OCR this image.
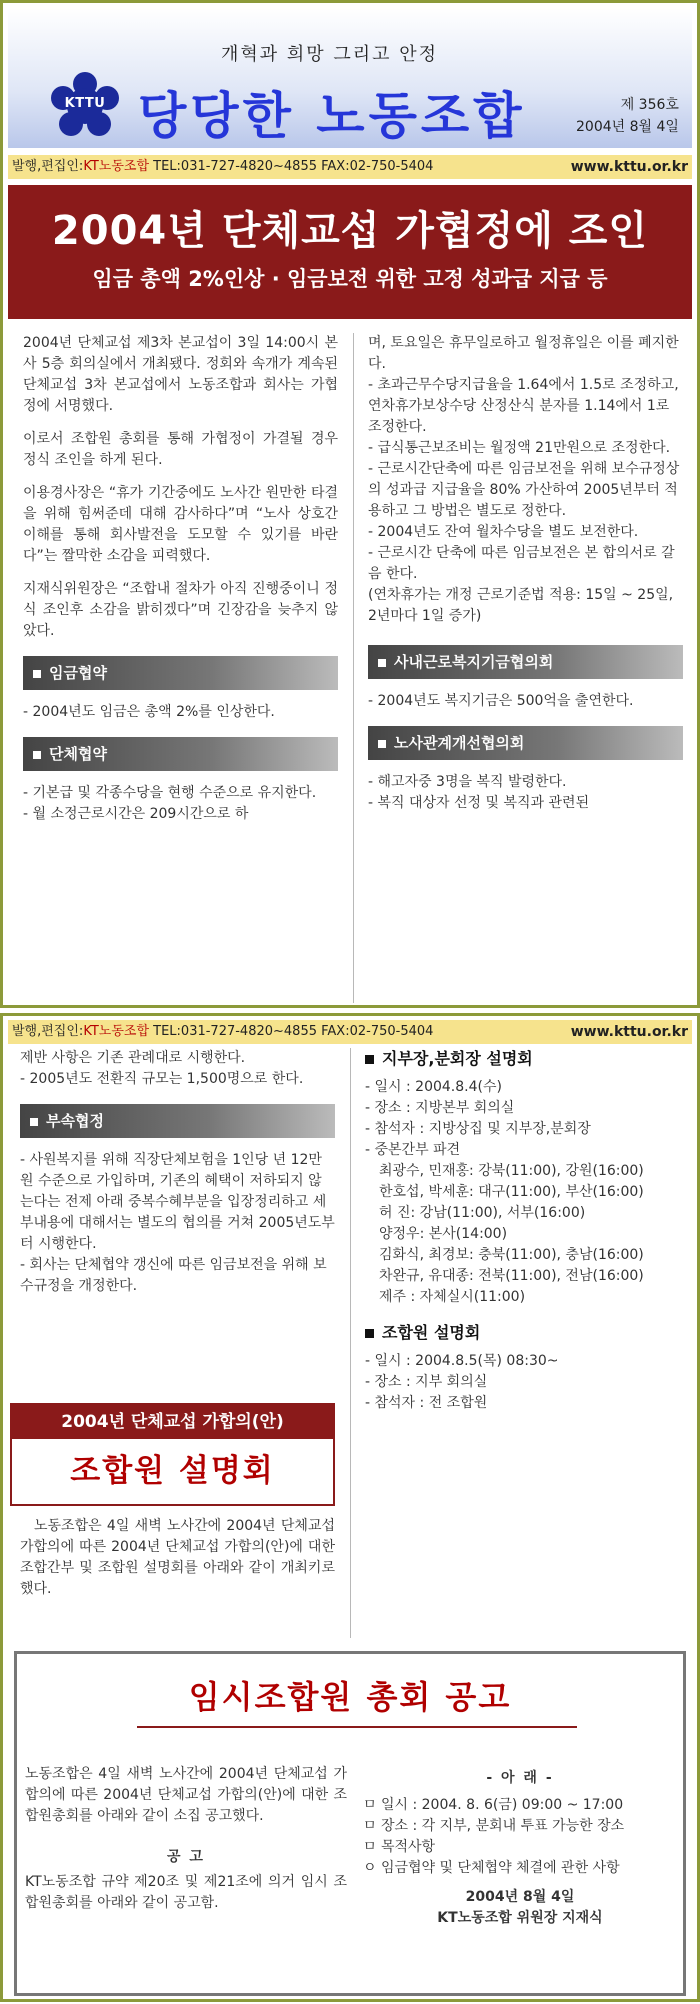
개혁과 희망 그리고 안정
KTTU 당당한 노동조합	제 356호
2004년 8월 4일
발행,편집인:KT노동조합 TEL:031-727-4820~4855 FAX:02-750-5404	www.kttu.or.kr
2004년 단체교섭 가협정에 조인
임금 총액 2%인상 · 임금보전 위한 고정 성과급 지급 등

2004년 단체교섭 제3차 본교섭이 3일 14:00시 본사 5층 회의실에서 개최됐다. 정회와 속개가 계속된 단체교섭 3차 본교섭에서 노동조합과 회사는 가협정에 서명했다.

이로서 조합원 총회를 통해 가협정이 가결될 경우 정식 조인을 하게 된다.

이용경사장은 “휴가 기간중에도 노사간 원만한 타결을 위해 힘써준데 대해 감사하다”며 “노사 상호간 이해를 통해 회사발전을 도모할 수 있기를 바란다”는 짤막한 소감을 피력했다.

지재식위원장은 “조합내 절차가 아직 진행중이니 정식 조인후 소감을 밝히겠다”며 긴장감을 늦추지 않았다.

임금협약
- 2004년도 임금은 총액 2%를 인상한다.
단체협약
- 기본급 및 각종수당을 현행 수준으로 유지한다.
- 월 소정근로시간은 209시간으로 하
며, 토요일은 휴무일로하고 월정휴일은 이를 폐지한다.
- 초과근무수당지급율을 1.64에서 1.5로 조정하고, 연차휴가보상수당 산정산식 분자를 1.14에서 1로 조정한다.
- 급식통근보조비는 월정액 21만원으로 조정한다.
- 근로시간단축에 따른 임금보전을 위해 보수규정상의 성과급 지급율을 80% 가산하여 2005년부터 적용하고 그 방법은 별도로 정한다.
- 2004년도 잔여 월차수당을 별도 보전한다.
- 근로시간 단축에 따른 임금보전은 본 합의서로 갈음 한다.
(연차휴가는 개정 근로기준법 적용: 15일 ~ 25일, 2년마다 1일 증가)
사내근로복지기금협의회
- 2004년도 복지기금은 500억을 출연한다.
노사관계개선협의회
- 해고자중 3명을 복직 발령한다.
- 복직 대상자 선정 및 복직과 관련된
발행,편집인:KT노동조합 TEL:031-727-4820~4855 FAX:02-750-5404	www.kttu.or.kr
제반 사항은 기존 관례대로 시행한다.
- 2005년도 전환직 규모는 1,500명으로 한다.
부속협정
- 사원복지를 위해 직장단체보험을 1인당 년 12만원 수준으로 가입하며, 기존의 혜택이 저하되지 않는다는 전제 아래 중복수혜부분을 입장정리하고 세부내용에 대해서는 별도의 협의를 거쳐 2005년도부터 시행한다.
- 회사는 단체협약 갱신에 따른 임금보전을 위해 보수규정을 개정한다.
2004년 단체교섭 가합의(안)
조합원 설명회

노동조합은 4일 새벽 노사간에 2004년 단체교섭 가합의에 따른 2004년 단체교섭 가합의(안)에 대한 조합간부 및 조합원 설명회를 아래와 같이 개최키로 했다.

지부장,분회장 설명회
- 일시 : 2004.8.4(수)
- 장소 : 지방본부 회의실
- 참석자 : 지방상집 및 지부장,분회장
- 중본간부 파견
최광수, 민재홍: 강북(11:00), 강원(16:00)
한호섭, 박세훈: 대구(11:00), 부산(16:00)
허 진: 강남(11:00), 서부(16:00)
양정우: 본사(14:00)
김화식, 최경보: 충북(11:00), 충남(16:00)
차완규, 유대종: 전북(11:00), 전남(16:00)
제주 : 자체실시(11:00)
조합원 설명회
- 일시 : 2004.8.5(목) 08:30~
- 장소 : 지부 회의실
- 참석자 : 전 조합원
임시조합원 총회 공고

노동조합은 4일 새벽 노사간에 2004년 단체교섭 가합의에 따른 2004년 단체교섭 가합의(안)에 대한 조합원총회를 아래와 같이 소집 공고했다.

공 고

KT노동조합 규약 제20조 및 제21조에 의거 임시 조합원총회를 아래와 같이 공고함.

- 아 래 -
ㅁ 일시 : 2004. 8. 6(금) 09:00 ~ 17:00
ㅁ 장소 : 각 지부, 분회내 투표 가능한 장소
ㅁ 목적사항
ㅇ 임금협약 및 단체협약 체결에 관한 사항
2004년 8월 4일
KT노동조합 위원장 지재식
